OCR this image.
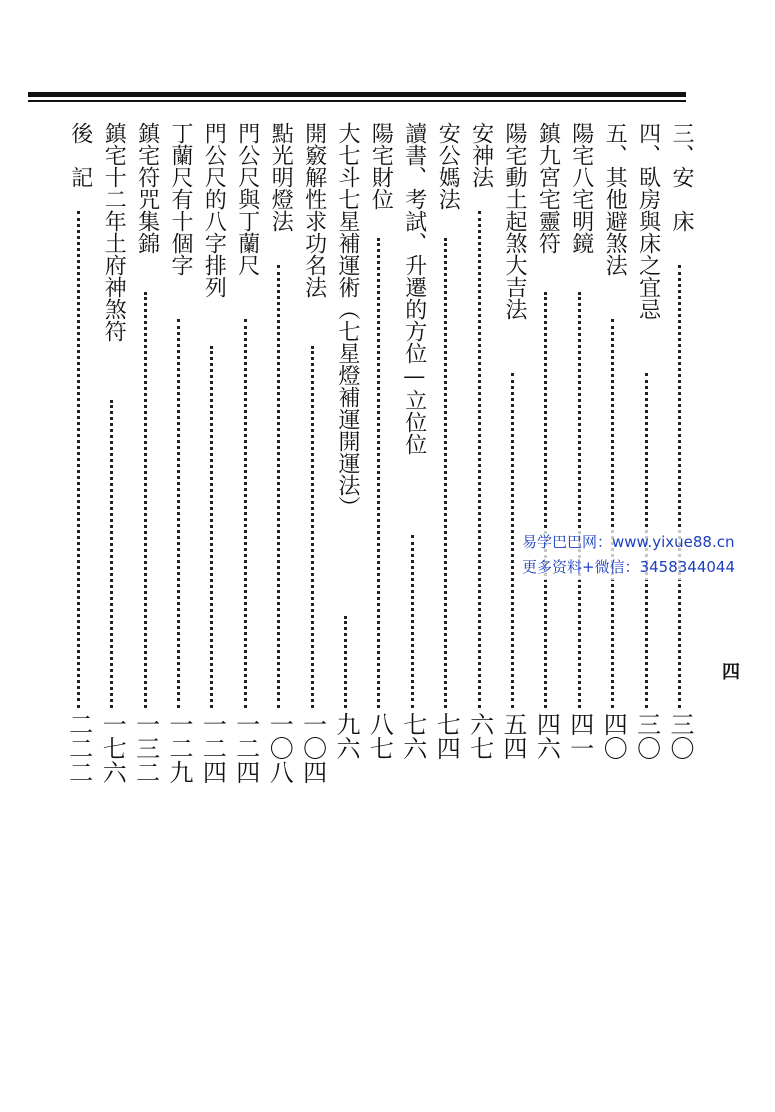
三、安　床
三〇
四、臥房與床之宜忌
三〇
五、其他避煞法
四〇
陽宅八宅明鏡
四一
鎮九宮宅靈符
四六
陽宅動土起煞大吉法
五四
安神法
六七
安公媽法
七四
讀書、考試、升遷的方位—立位位
七六
陽宅財位
八七
大七斗七星補運術（七星燈補運開運法）
九六
開竅解性求功名法
一〇四
點光明燈法
一〇八
門公尺與丁蘭尺
一二四
門公尺的八字排列
一二四
丁蘭尺有十個字
一二九
鎮宅符咒集錦
一三二
鎮宅十二年土府神煞符
一七六
後　記
二二二
四
易学巴巴网：www.yixue88.cn
更多资料+微信：3458344044
